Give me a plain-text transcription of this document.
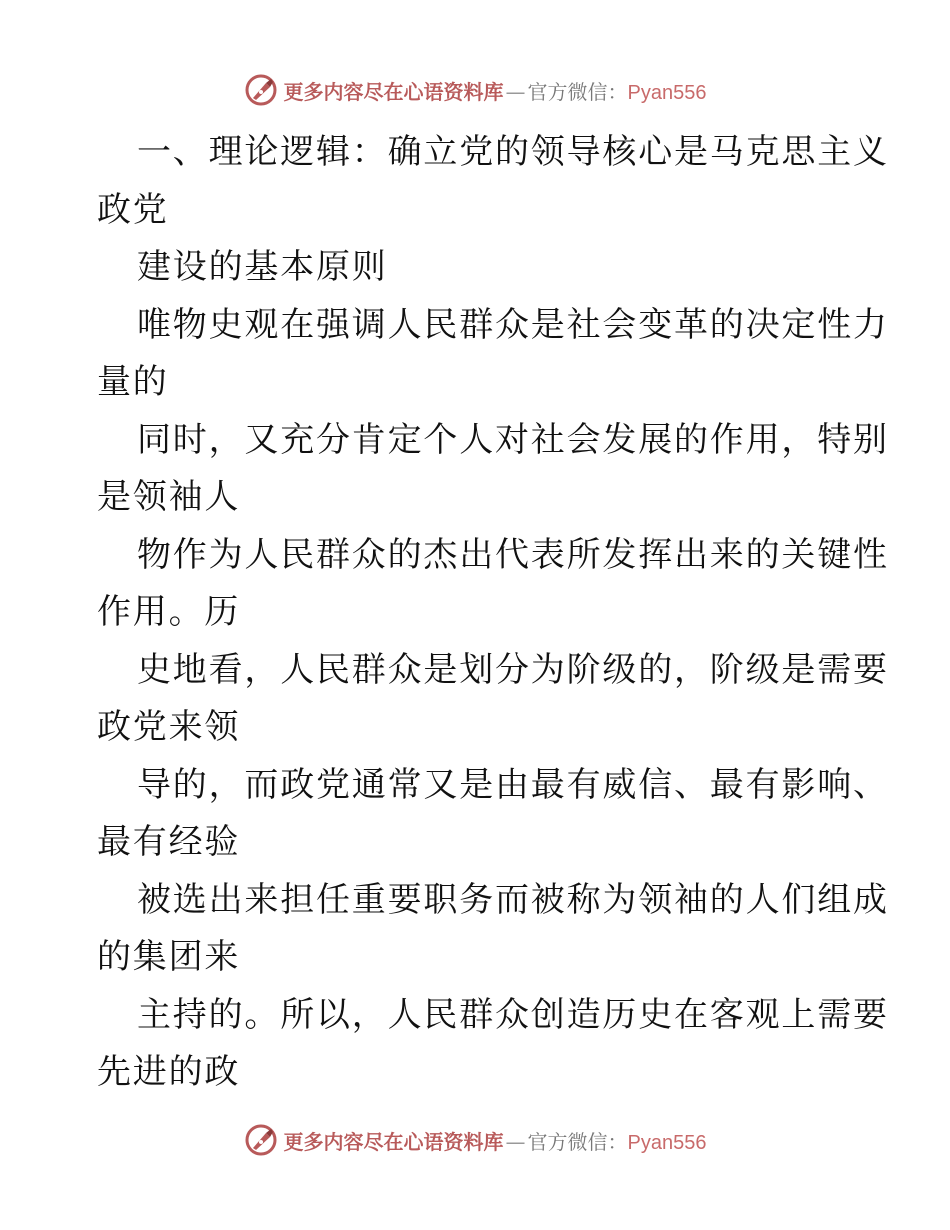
更多内容尽在心语资料库 — 官方微信： Pyan556
一、理论逻辑：确立党的领导核心是马克思主义
政党
建设的基本原则
唯物史观在强调人民群众是社会变革的决定性力
量的
同时，又充分肯定个人对社会发展的作用，特别
是领袖人
物作为人民群众的杰出代表所发挥出来的关键性
作用。历
史地看，人民群众是划分为阶级的，阶级是需要
政党来领
导的，而政党通常又是由最有威信、最有影响、
最有经验
被选出来担任重要职务而被称为领袖的人们组成
的集团来
主持的。所以，人民群众创造历史在客观上需要
先进的政
更多内容尽在心语资料库 — 官方微信： Pyan556
